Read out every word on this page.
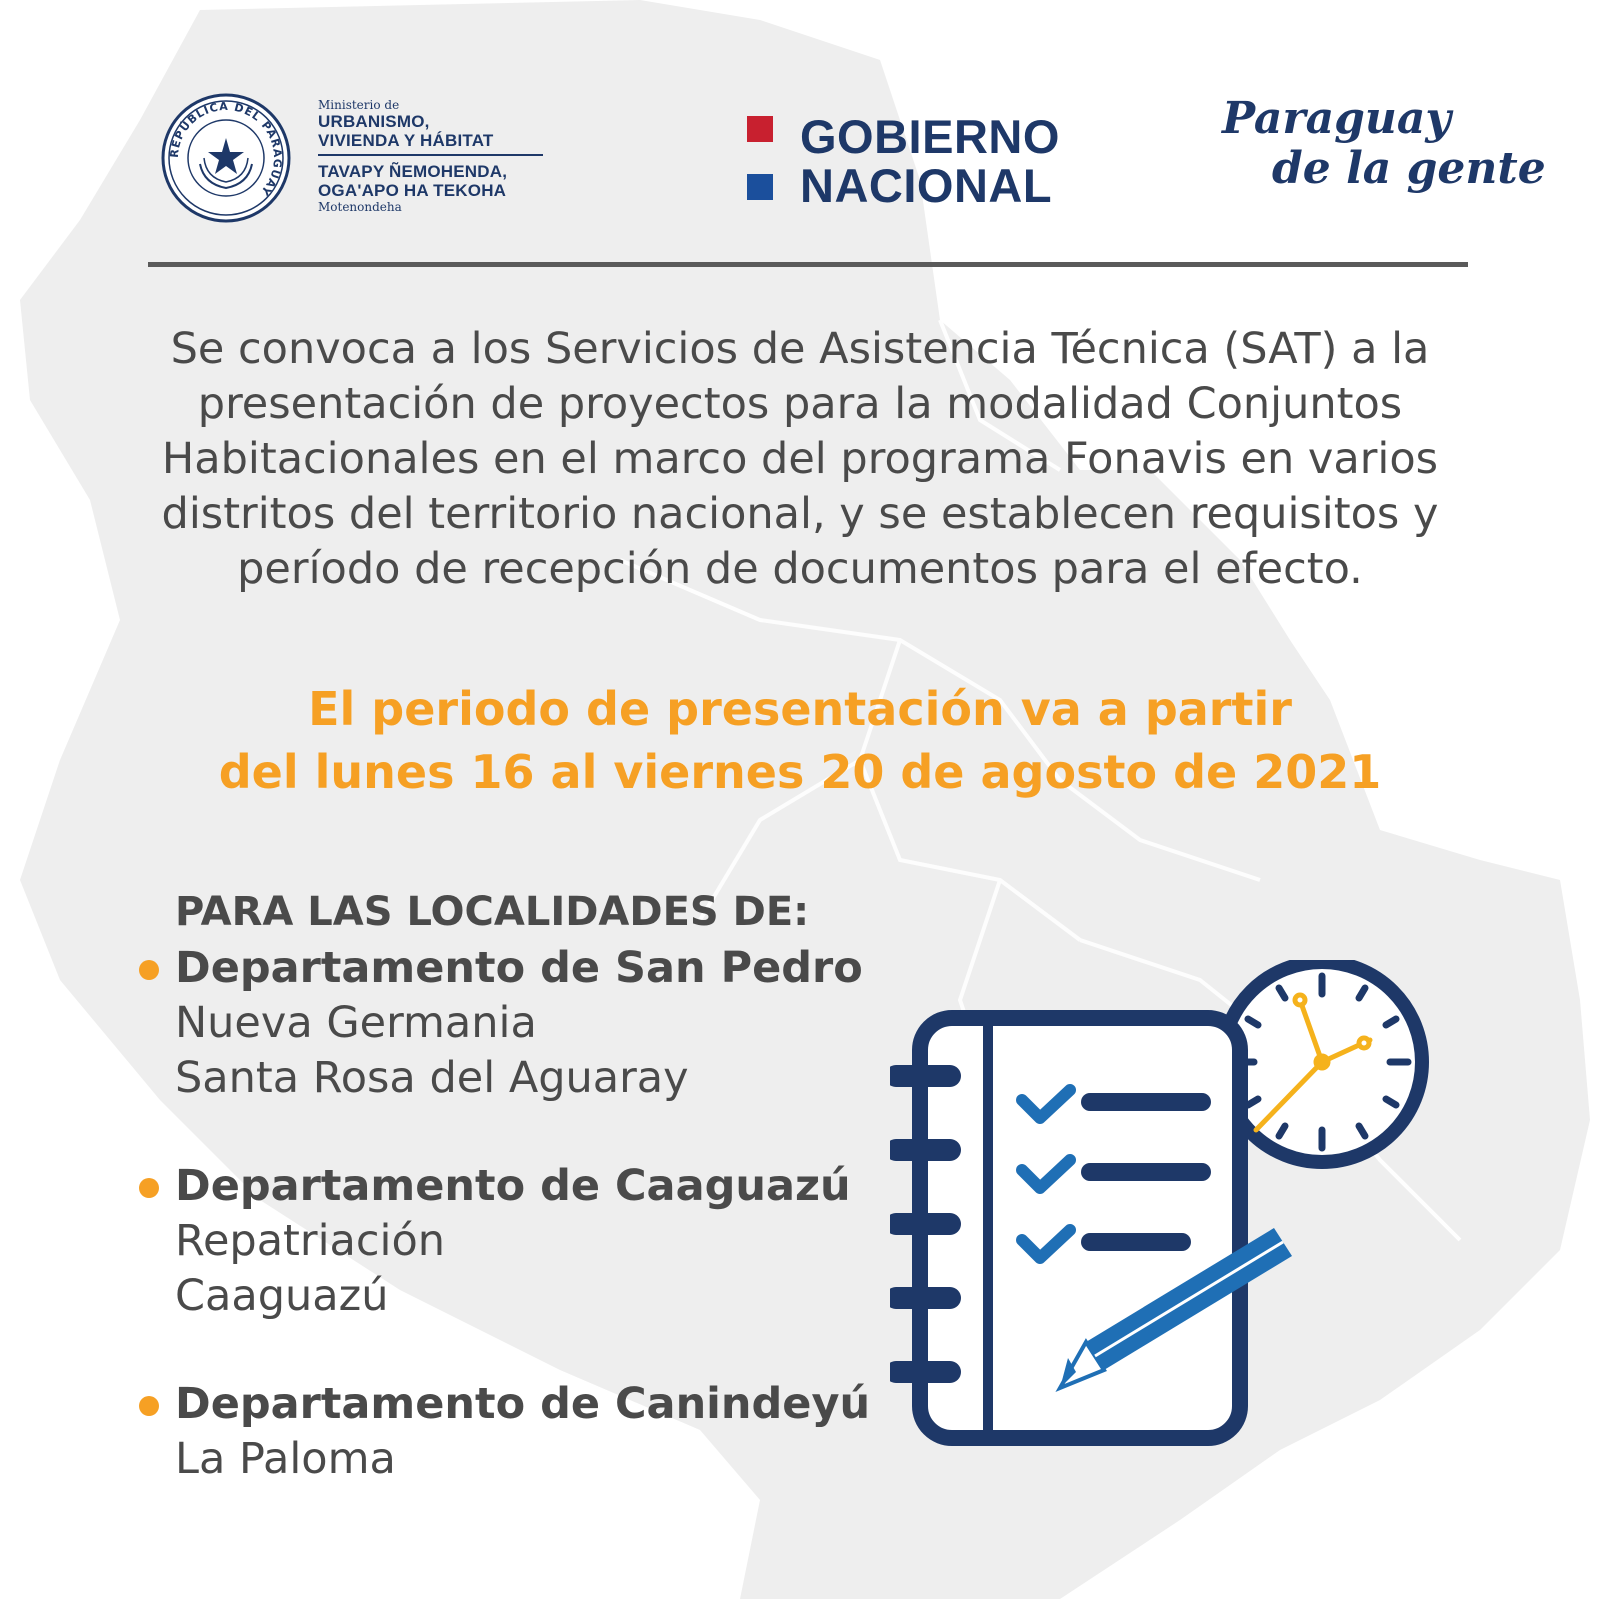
REPÚBLICA DEL PARAGUAY
Ministerio de
URBANISMO,
VIVIENDA Y HÁBITAT
TAVAPY ÑEMOHENDA,
OGA'APO HA TEKOHA
Motenondeha
GOBIERNO
NACIONAL
Paraguay
de la gente
Se convoca a los Servicios de Asistencia Técnica (SAT) a la presentación de proyectos para la modalidad Conjuntos Habitacionales en el marco del programa Fonavis en varios distritos del territorio nacional, y se establecen requisitos y período de recepción de documentos para el efecto.
El periodo de presentación va a partir
del lunes 16 al viernes 20 de agosto de 2021
PARA LAS LOCALIDADES DE:
Departamento de San Pedro
Nueva Germania
Santa Rosa del Aguaray
Departamento de Caaguazú
Repatriación
Caaguazú
Departamento de Canindeyú
La Paloma
